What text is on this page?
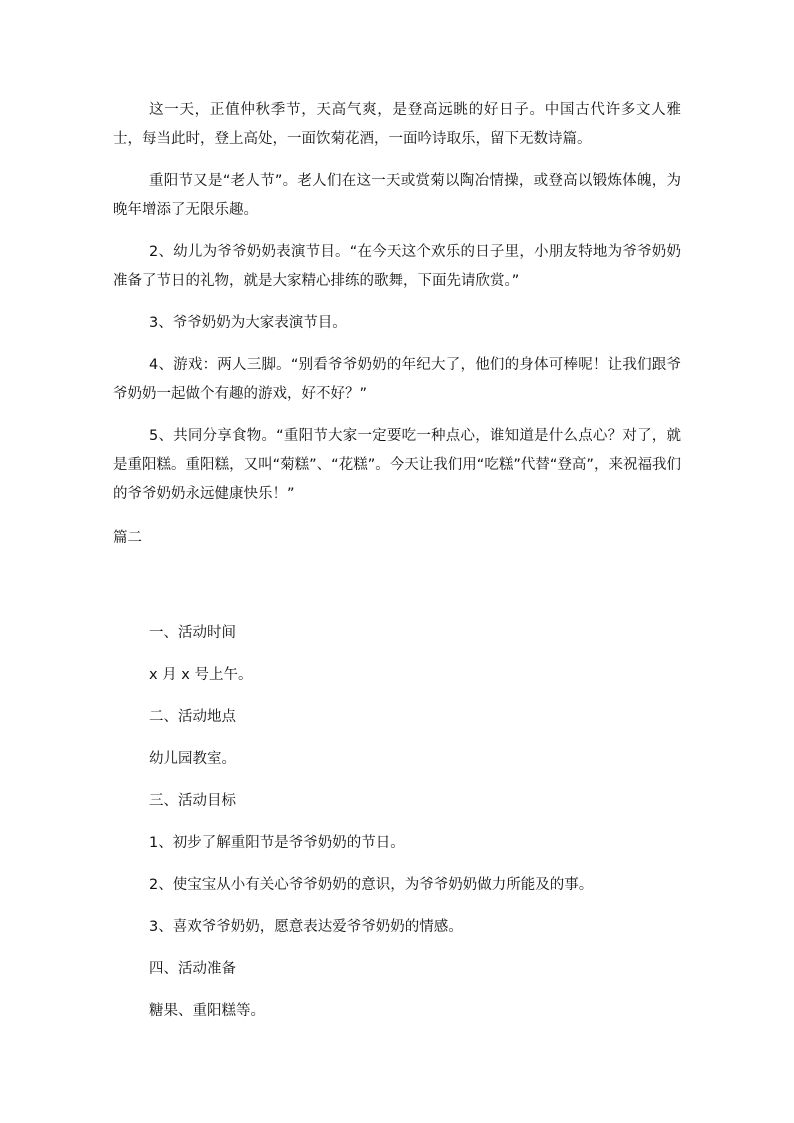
这一天，正值仲秋季节，天高气爽，是登高远眺的好日子。中国古代许多文人雅士，每当此时，登上高处，一面饮菊花酒，一面吟诗取乐，留下无数诗篇。

重阳节又是“老人节”。老人们在这一天或赏菊以陶冶情操，或登高以锻炼体魄，为晚年增添了无限乐趣。

2、幼儿为爷爷奶奶表演节目。“在今天这个欢乐的日子里，小朋友特地为爷爷奶奶准备了节日的礼物，就是大家精心排练的歌舞，下面先请欣赏。”

3、爷爷奶奶为大家表演节目。

4、游戏：两人三脚。“别看爷爷奶奶的年纪大了，他们的身体可棒呢！让我们跟爷爷奶奶一起做个有趣的游戏，好不好？”

5、共同分享食物。“重阳节大家一定要吃一种点心，谁知道是什么点心？对了，就是重阳糕。重阳糕，又叫“菊糕”、“花糕”。今天让我们用“吃糕”代替“登高”，来祝福我们的爷爷奶奶永远健康快乐！”

篇二

一、活动时间

x 月 x 号上午。

二、活动地点

幼儿园教室。

三、活动目标

1、初步了解重阳节是爷爷奶奶的节日。

2、使宝宝从小有关心爷爷奶奶的意识，为爷爷奶奶做力所能及的事。

3、喜欢爷爷奶奶，愿意表达爱爷爷奶奶的情感。

四、活动准备

糖果、重阳糕等。
